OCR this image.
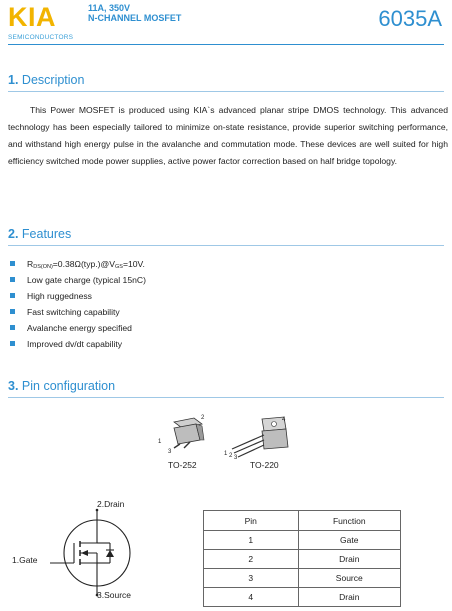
KIA
SEMICONDUCTORS
11A, 350V
N-CHANNEL MOSFET	6035A
1. Description
This Power MOSFET is produced using KIA`s advanced planar stripe DMOS technology. This advanced technology has been especially tailored to minimize on-state resistance, provide superior switching performance, and withstand high energy pulse in the avalanche and commutation mode. These devices are well suited for high efficiency switched mode power supplies, active power factor correction based on half bridge topology.
2. Features
RDS(ON)=0.38Ω(typ.)@VGS=10V.
Low gate charge (typical 15nC)
High ruggedness
Fast switching capability
Avalanche energy specified
Improved dv/dt capability
3. Pin configuration
2
1
3
TO-252
4
1 2 3
TO-220
2.Drain
1.Gate
3.Source
Pin	Function
1	Gate
2	Drain
3	Source
4	Drain
